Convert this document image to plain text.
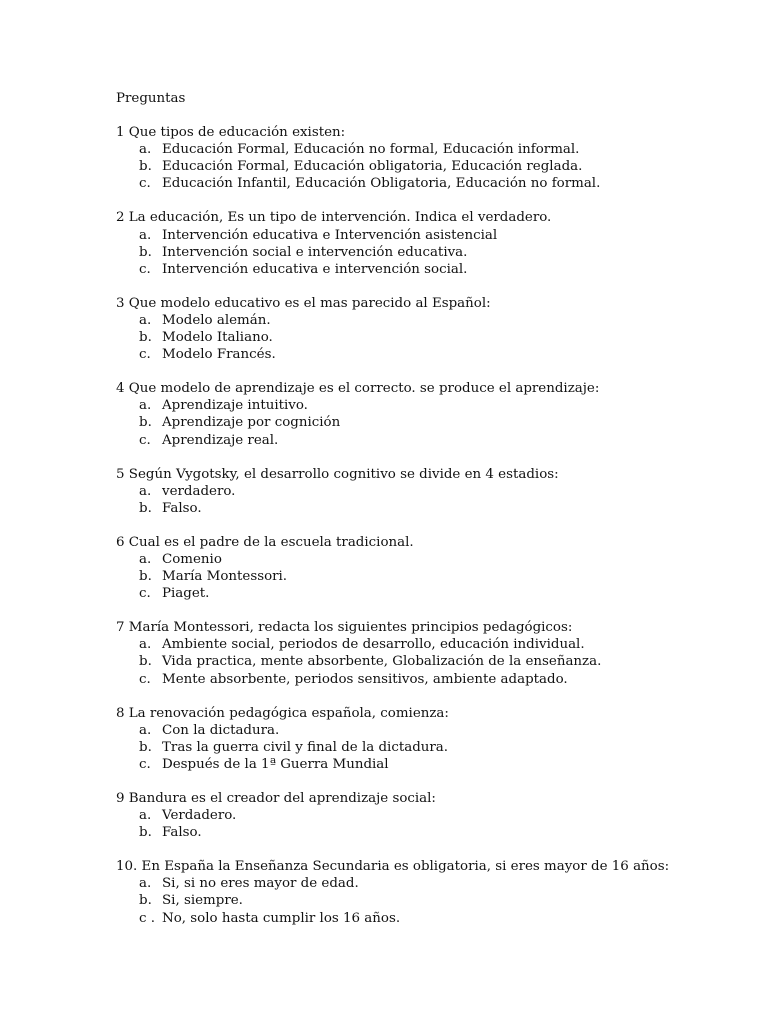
Preguntas
1 Que tipos de educación existen:
a. Educación Formal, Educación no formal, Educación informal.
b. Educación Formal, Educación obligatoria, Educación reglada.
c. Educación Infantil, Educación Obligatoria, Educación no formal.
2 La educación, Es un tipo de intervención. Indica el verdadero.
a. Intervención educativa e Intervención asistencial
b. Intervención social e intervención educativa.
c. Intervención educativa e intervención social.
3 Que modelo educativo es el mas parecido al Español:
a. Modelo alemán.
b. Modelo Italiano.
c. Modelo Francés.
4 Que modelo de aprendizaje es el correcto. se produce el aprendizaje:
a. Aprendizaje intuitivo.
b. Aprendizaje por cognición
c. Aprendizaje real.
5 Según Vygotsky, el desarrollo cognitivo se divide en 4 estadios:
a. verdadero.
b. Falso.
6 Cual es el padre de la escuela tradicional.
a. Comenio
b. María Montessori.
c. Piaget.
7 María Montessori, redacta los siguientes principios pedagógicos:
a. Ambiente social, periodos de desarrollo, educación individual.
b. Vida practica, mente absorbente, Globalización de la enseñanza.
c. Mente absorbente, periodos sensitivos, ambiente adaptado.
8 La renovación pedagógica española, comienza:
a. Con la dictadura.
b. Tras la guerra civil y final de la dictadura.
c. Después de la 1ª Guerra Mundial
9 Bandura es el creador del aprendizaje social:
a. Verdadero.
b. Falso.
10. En España la Enseñanza Secundaria es obligatoria, si eres mayor de 16 años:
a. Si, si no eres mayor de edad.
b. Si, siempre.
c . No, solo hasta cumplir los 16 años.
